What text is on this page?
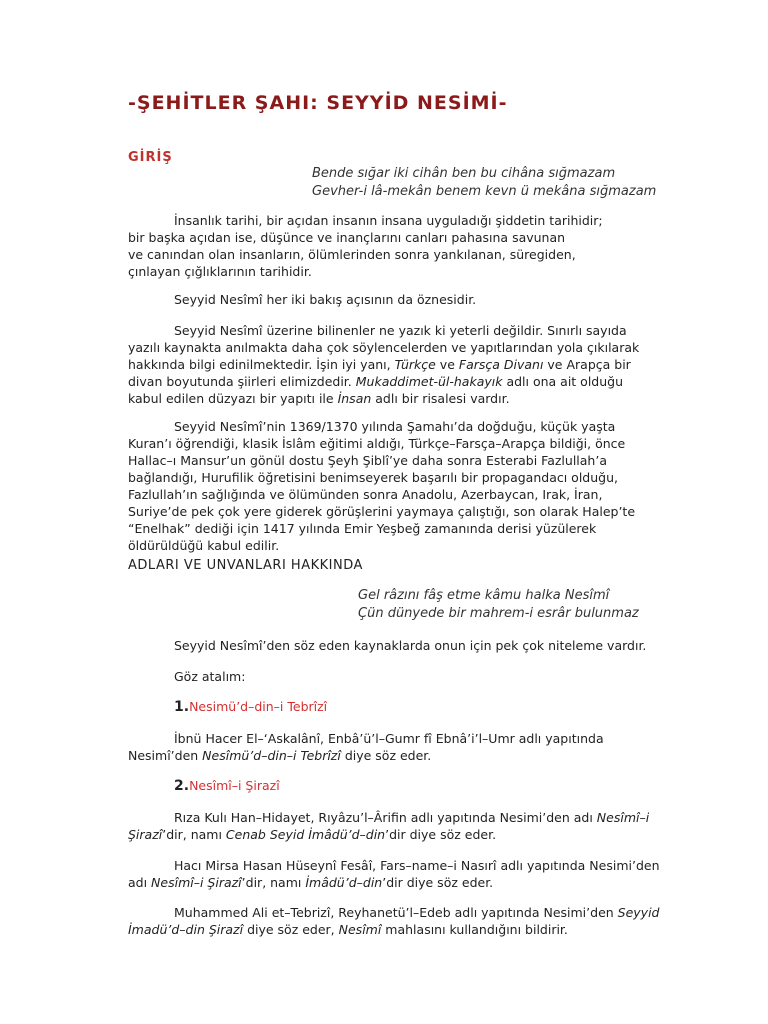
-ŞEHİTLER ŞAHI: SEYYİD NESİMİ-
GİRİŞ
Bende sığar iki cihân ben bu cihâna sığmazam
Gevher-i lâ-mekân benem kevn ü mekâna sığmazam
İnsanlık tarihi, bir açıdan insanın insana uyguladığı şiddetin tarihidir;
bir başka açıdan ise, düşünce ve inançlarını canları pahasına savunan
ve canından olan insanların, ölümlerinden sonra yankılanan, süregiden,
çınlayan çığlıklarının tarihidir.
Seyyid Nesîmî her iki bakış açısının da öznesidir.
Seyyid Nesîmî üzerine bilinenler ne yazık ki yeterli değildir. Sınırlı sayıda
yazılı kaynakta anılmakta daha çok söylencelerden ve yapıtlarından yola çıkılarak
hakkında bilgi edinilmektedir. İşin iyi yanı, Türkçe ve Farsça Divanı ve Arapça bir
divan boyutunda şiirleri elimizdedir. Mukaddimet-ül-hakayık adlı ona ait olduğu
kabul edilen düzyazı bir yapıtı ile İnsan adlı bir risalesi vardır.
Seyyid Nesîmî’nin 1369/1370 yılında Şamahı’da doğduğu, küçük yaşta
Kuran’ı öğrendiği, klasik İslâm eğitimi aldığı, Türkçe–Farsça–Arapça bildiği, önce
Hallac–ı Mansur’un gönül dostu Şeyh Şiblî’ye daha sonra Esterabi Fazlullah’a
bağlandığı, Hurufilik öğretisini benimseyerek başarılı bir propagandacı olduğu,
Fazlullah’ın sağlığında ve ölümünden sonra Anadolu, Azerbaycan, Irak, İran,
Suriye’de pek çok yere giderek görüşlerini yaymaya çalıştığı, son olarak Halep’te
“Enelhak” dediği için 1417 yılında Emir Yeşbeğ zamanında derisi yüzülerek
öldürüldüğü kabul edilir.
ADLARI VE UNVANLARI HAKKINDA
Gel râzını fâş etme kâmu halka Nesîmî
Çün dünyede bir mahrem-i esrâr bulunmaz
Seyyid Nesîmî’den söz eden kaynaklarda onun için pek çok niteleme vardır.
Göz atalım:
1.Nesimü’d–din–i Tebrîzî
İbnü Hacer El–‘Askalânî, Enbâ’ü’l–Gumr fî Ebnâ’i’l–Umr adlı yapıtında
Nesimî’den Nesîmü’d–din–i Tebrîzî diye söz eder.
2.Nesîmî–i Şirazî
Rıza Kulı Han–Hidayet, Rıyâzu’l–Ârifin adlı yapıtında Nesimi’den adı Nesîmî–i
Şirazî’dir, namı Cenab Seyid İmâdü’d–din’dir diye söz eder.
Hacı Mirsa Hasan Hüseynî Fesâî, Fars–name–i Nasırî adlı yapıtında Nesimi’den
adı Nesîmî–i Şirazî’dir, namı İmâdü’d–din’dir diye söz eder.
Muhammed Ali et–Tebrizî, Reyhanetü’l–Edeb adlı yapıtında Nesimi’den Seyyid
İmadü’d–din Şirazî diye söz eder, Nesîmî mahlasını kullandığını bildirir.
